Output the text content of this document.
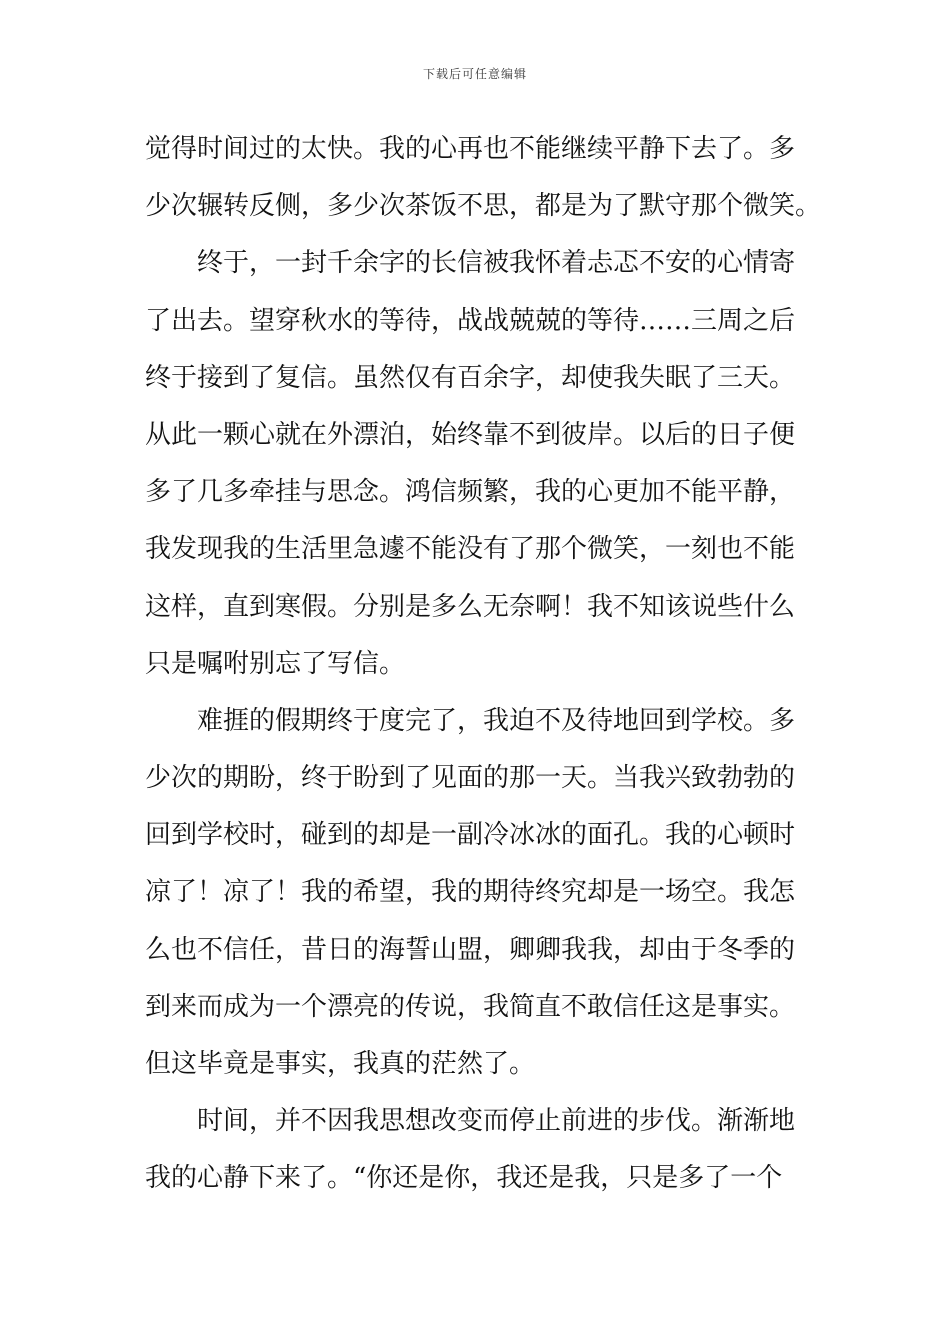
下载后可任意编辑
觉得时间过的太快。我的心再也不能继续平静下去了。多
少次辗转反侧，多少次茶饭不思，都是为了默守那个微笑。
终于，一封千余字的长信被我怀着忐忑不安的心情寄
了出去。望穿秋水的等待，战战兢兢的等待……三周之后
终于接到了复信。虽然仅有百余字，却使我失眠了三天。
从此一颗心就在外漂泊，始终靠不到彼岸。以后的日子便
多了几多牵挂与思念。鸿信频繁，我的心更加不能平静，
我发现我的生活里急遽不能没有了那个微笑，一刻也不能
这样，直到寒假。分别是多么无奈啊！我不知该说些什么
只是嘱咐别忘了写信。
难捱的假期终于度完了，我迫不及待地回到学校。多
少次的期盼，终于盼到了见面的那一天。当我兴致勃勃的
回到学校时，碰到的却是一副冷冰冰的面孔。我的心顿时
凉了！凉了！我的希望，我的期待终究却是一场空。我怎
么也不信任，昔日的海誓山盟，卿卿我我，却由于冬季的
到来而成为一个漂亮的传说，我简直不敢信任这是事实。
但这毕竟是事实，我真的茫然了。
时间，并不因我思想改变而停止前进的步伐。渐渐地
我的心静下来了。“你还是你，我还是我，只是多了一个
